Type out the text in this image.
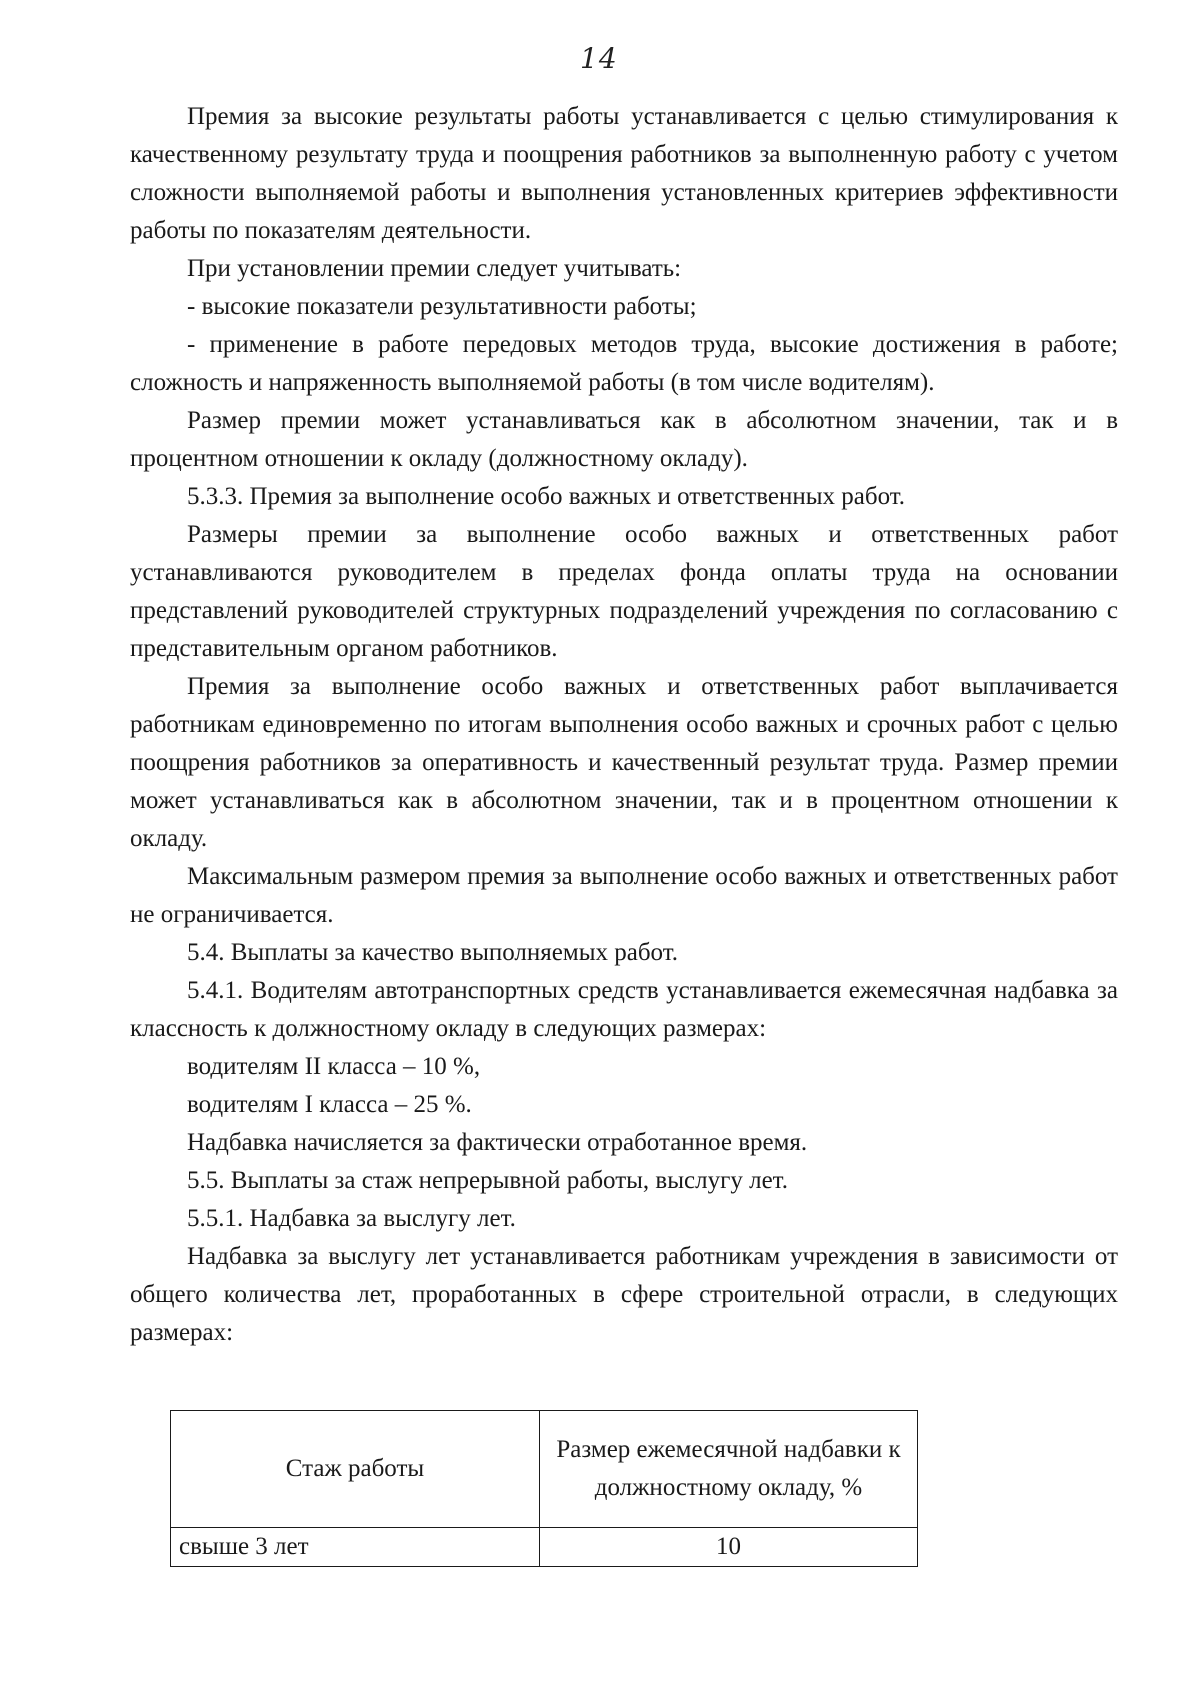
14

Премия за высокие результаты работы устанавливается с целью стимулирования к качественному результату труда и поощрения работников за выполненную работу с учетом сложности выполняемой работы и выполнения установленных критериев эффективности работы по показателям деятельности.

При установлении премии следует учитывать:

- высокие показатели результативности работы;

- применение в работе передовых методов труда, высокие достижения в работе; сложность и напряженность выполняемой работы (в том числе водителям).

Размер премии может устанавливаться как в абсолютном значении, так и в процентном отношении к окладу (должностному окладу).

5.3.3. Премия за выполнение особо важных и ответственных работ.

Размеры премии за выполнение особо важных и ответственных работ устанавливаются руководителем в пределах фонда оплаты труда на основании представлений руководителей структурных подразделений учреждения по согласованию с представительным органом работников.

Премия за выполнение особо важных и ответственных работ выплачивается работникам единовременно по итогам выполнения особо важных и срочных работ с целью поощрения работников за оперативность и качественный результат труда. Размер премии может устанавливаться как в абсолютном значении, так и в процентном отношении к окладу.

Максимальным размером премия за выполнение особо важных и ответственных работ не ограничивается.

5.4. Выплаты за качество выполняемых работ.

5.4.1. Водителям автотранспортных средств устанавливается ежемесячная надбавка за классность к должностному окладу в следующих размерах:

водителям II класса – 10 %,

водителям I класса – 25 %.

Надбавка начисляется за фактически отработанное время.

5.5. Выплаты за стаж непрерывной работы, выслугу лет.

5.5.1. Надбавка за выслугу лет.

Надбавка за выслугу лет устанавливается работникам учреждения в зависимости от общего количества лет, проработанных в сфере строительной отрасли, в следующих размерах:

Стаж работы	Размер ежемесячной надбавки к должностному окладу, %
свыше 3 лет	10
